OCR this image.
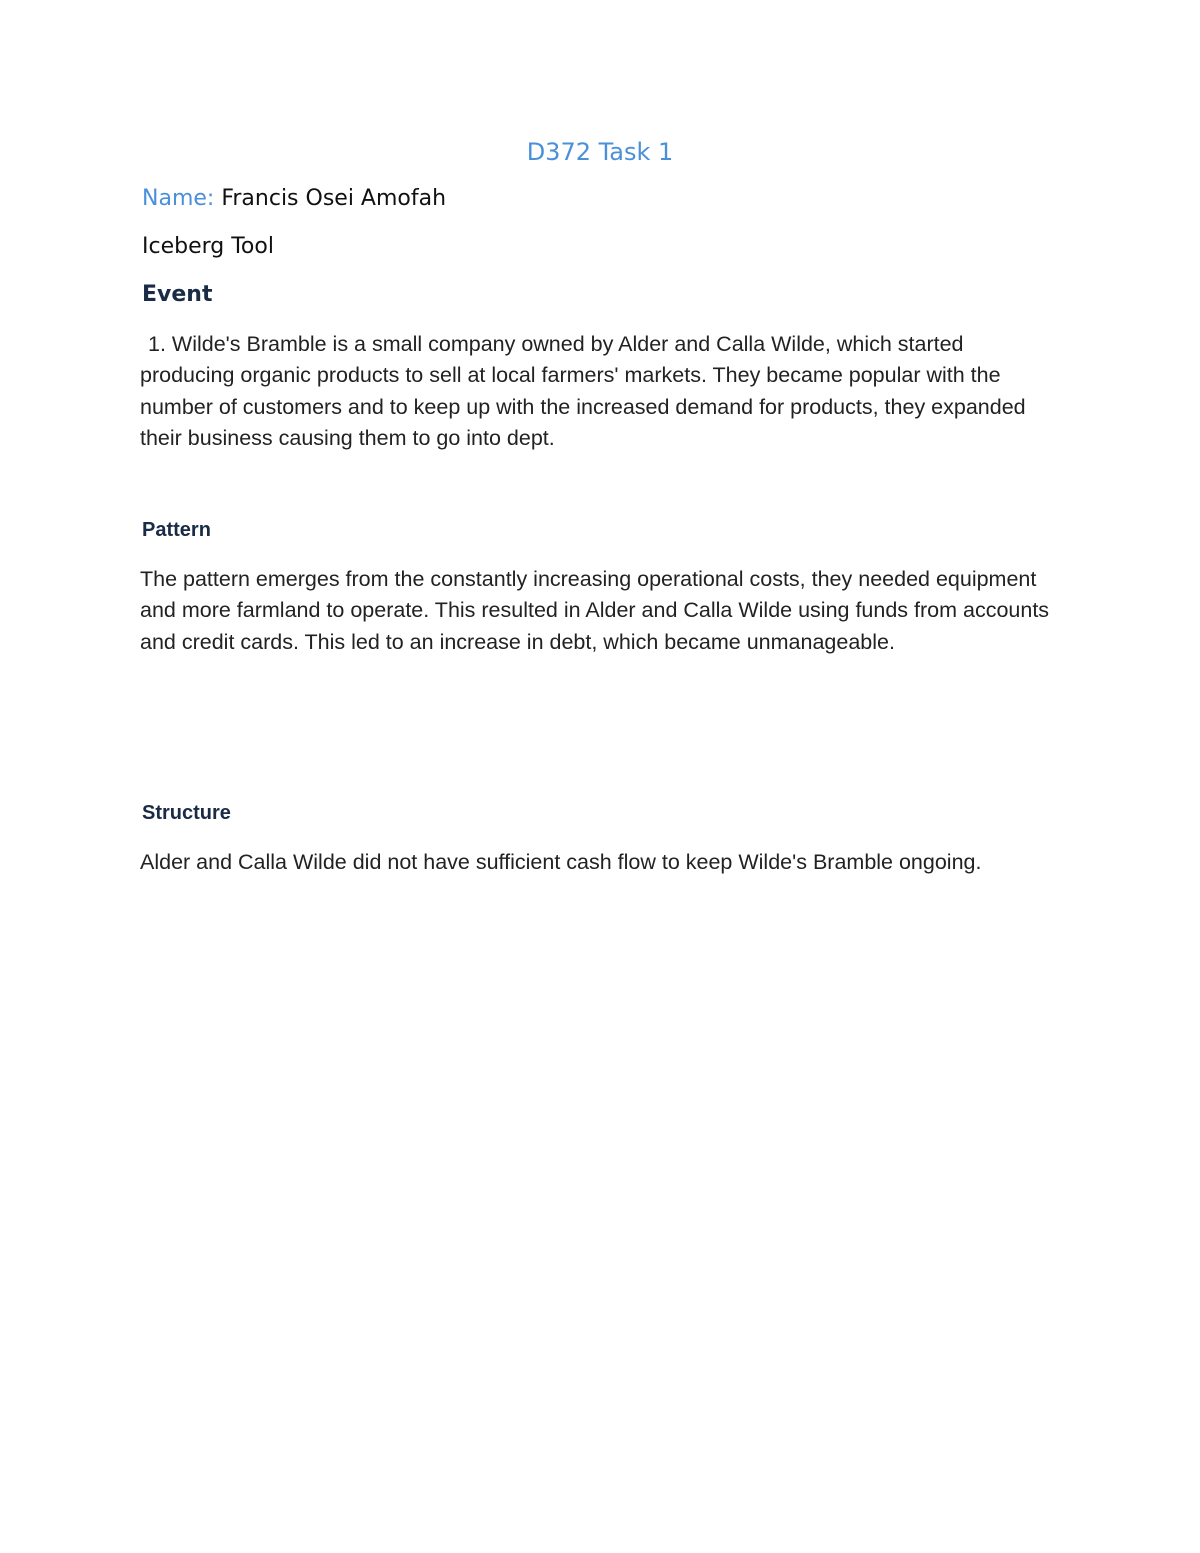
D372 Task 1

Name: Francis Osei Amofah

Iceberg Tool
Event

1. Wilde's Bramble is a small company owned by Alder and Calla Wilde, which started producing organic products to sell at local farmers' markets. They became popular with the number of customers and to keep up with the increased demand for products, they expanded their business causing them to go into dept.

Pattern

The pattern emerges from the constantly increasing operational costs, they needed equipment and more farmland to operate. This resulted in Alder and Calla Wilde using funds from accounts and credit cards. This led to an increase in debt, which became unmanageable.

Structure

Alder and Calla Wilde did not have sufficient cash flow to keep Wilde's Bramble ongoing.
